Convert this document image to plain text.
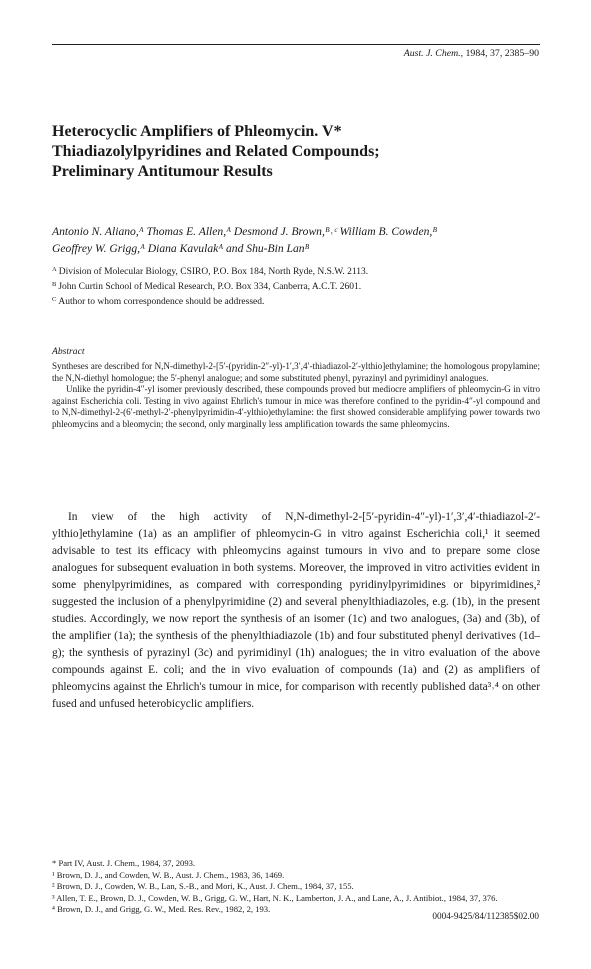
Aust. J. Chem., 1984, 37, 2385–90
Heterocyclic Amplifiers of Phleomycin. V*
Thiadiazolylpyridines and Related Compounds;
Preliminary Antitumour Results
Antonio N. Aliano,ᴬ Thomas E. Allen,ᴬ Desmond J. Brown,ᴮ˒ᶜ William B. Cowden,ᴮ
Geoffrey W. Grigg,ᴬ Diana Kavulakᴬ and Shu-Bin Lanᴮ
$^A$ Division of Molecular Biology, CSIRO, P.O. Box 184, North Ryde, N.S.W. 2113.
$^B$ John Curtin School of Medical Research, P.O. Box 334, Canberra, A.C.T. 2601.
$^C$ Author to whom correspondence should be addressed.
Abstract

Syntheses are described for N,N-dimethyl-2-[5′-(pyridin-2″-yl)-1′,3′,4′-thiadiazol-2′-ylthio]ethylamine; the homologous propylamine; the N,N-diethyl homologue; the 5′-phenyl analogue; and some substituted phenyl, pyrazinyl and pyrimidinyl analogues.

Unlike the pyridin-4″-yl isomer previously described, these compounds proved but mediocre amplifiers of phleomycin-G in vitro against Escherichia coli. Testing in vivo against Ehrlich's tumour in mice was therefore confined to the pyridin-4″-yl compound and to N,N-dimethyl-2-(6′-methyl-2′-phenylpyrimidin-4′-ylthio)ethylamine: the first showed considerable amplifying power towards two phleomycins and a bleomycin; the second, only marginally less amplification towards the same phleomycins.

In view of the high activity of N,N-dimethyl-2-[5′-pyridin-4″-yl)-1′,3′,4′-thiadiazol-2′-ylthio]ethylamine (1a) as an amplifier of phleomycin-G in vitro against Escherichia coli,¹ it seemed advisable to test its efficacy with phleomycins against tumours in vivo and to prepare some close analogues for subsequent evaluation in both systems. Moreover, the improved in vitro activities evident in some phenylpyrimidines, as compared with corresponding pyridinylpyrimidines or bipyrimidines,² suggested the inclusion of a phenylpyrimidine (2) and several phenylthiadiazoles, e.g. (1b), in the present studies. Accordingly, we now report the synthesis of an isomer (1c) and two analogues, (3a) and (3b), of the amplifier (1a); the synthesis of the phenylthiadiazole (1b) and four substituted phenyl derivatives (1d–g); the synthesis of pyrazinyl (3c) and pyrimidinyl (1h) analogues; the in vitro evaluation of the above compounds against E. coli; and the in vivo evaluation of compounds (1a) and (2) as amplifiers of phleomycins against the Ehrlich's tumour in mice, for comparison with recently published data³˒⁴ on other fused and unfused heterobicyclic amplifiers.

* Part IV, Aust. J. Chem., 1984, 37, 2093.
¹ Brown, D. J., and Cowden, W. B., Aust. J. Chem., 1983, 36, 1469.
² Brown, D. J., Cowden, W. B., Lan, S.-B., and Mori, K., Aust. J. Chem., 1984, 37, 155.
³ Allen, T. E., Brown, D. J., Cowden, W. B., Grigg, G. W., Hart, N. K., Lamberton, J. A., and Lane, A., J. Antibiot., 1984, 37, 376.
⁴ Brown, D. J., and Grigg, G. W., Med. Res. Rev., 1982, 2, 193.
0004-9425/84/112385$02.00
